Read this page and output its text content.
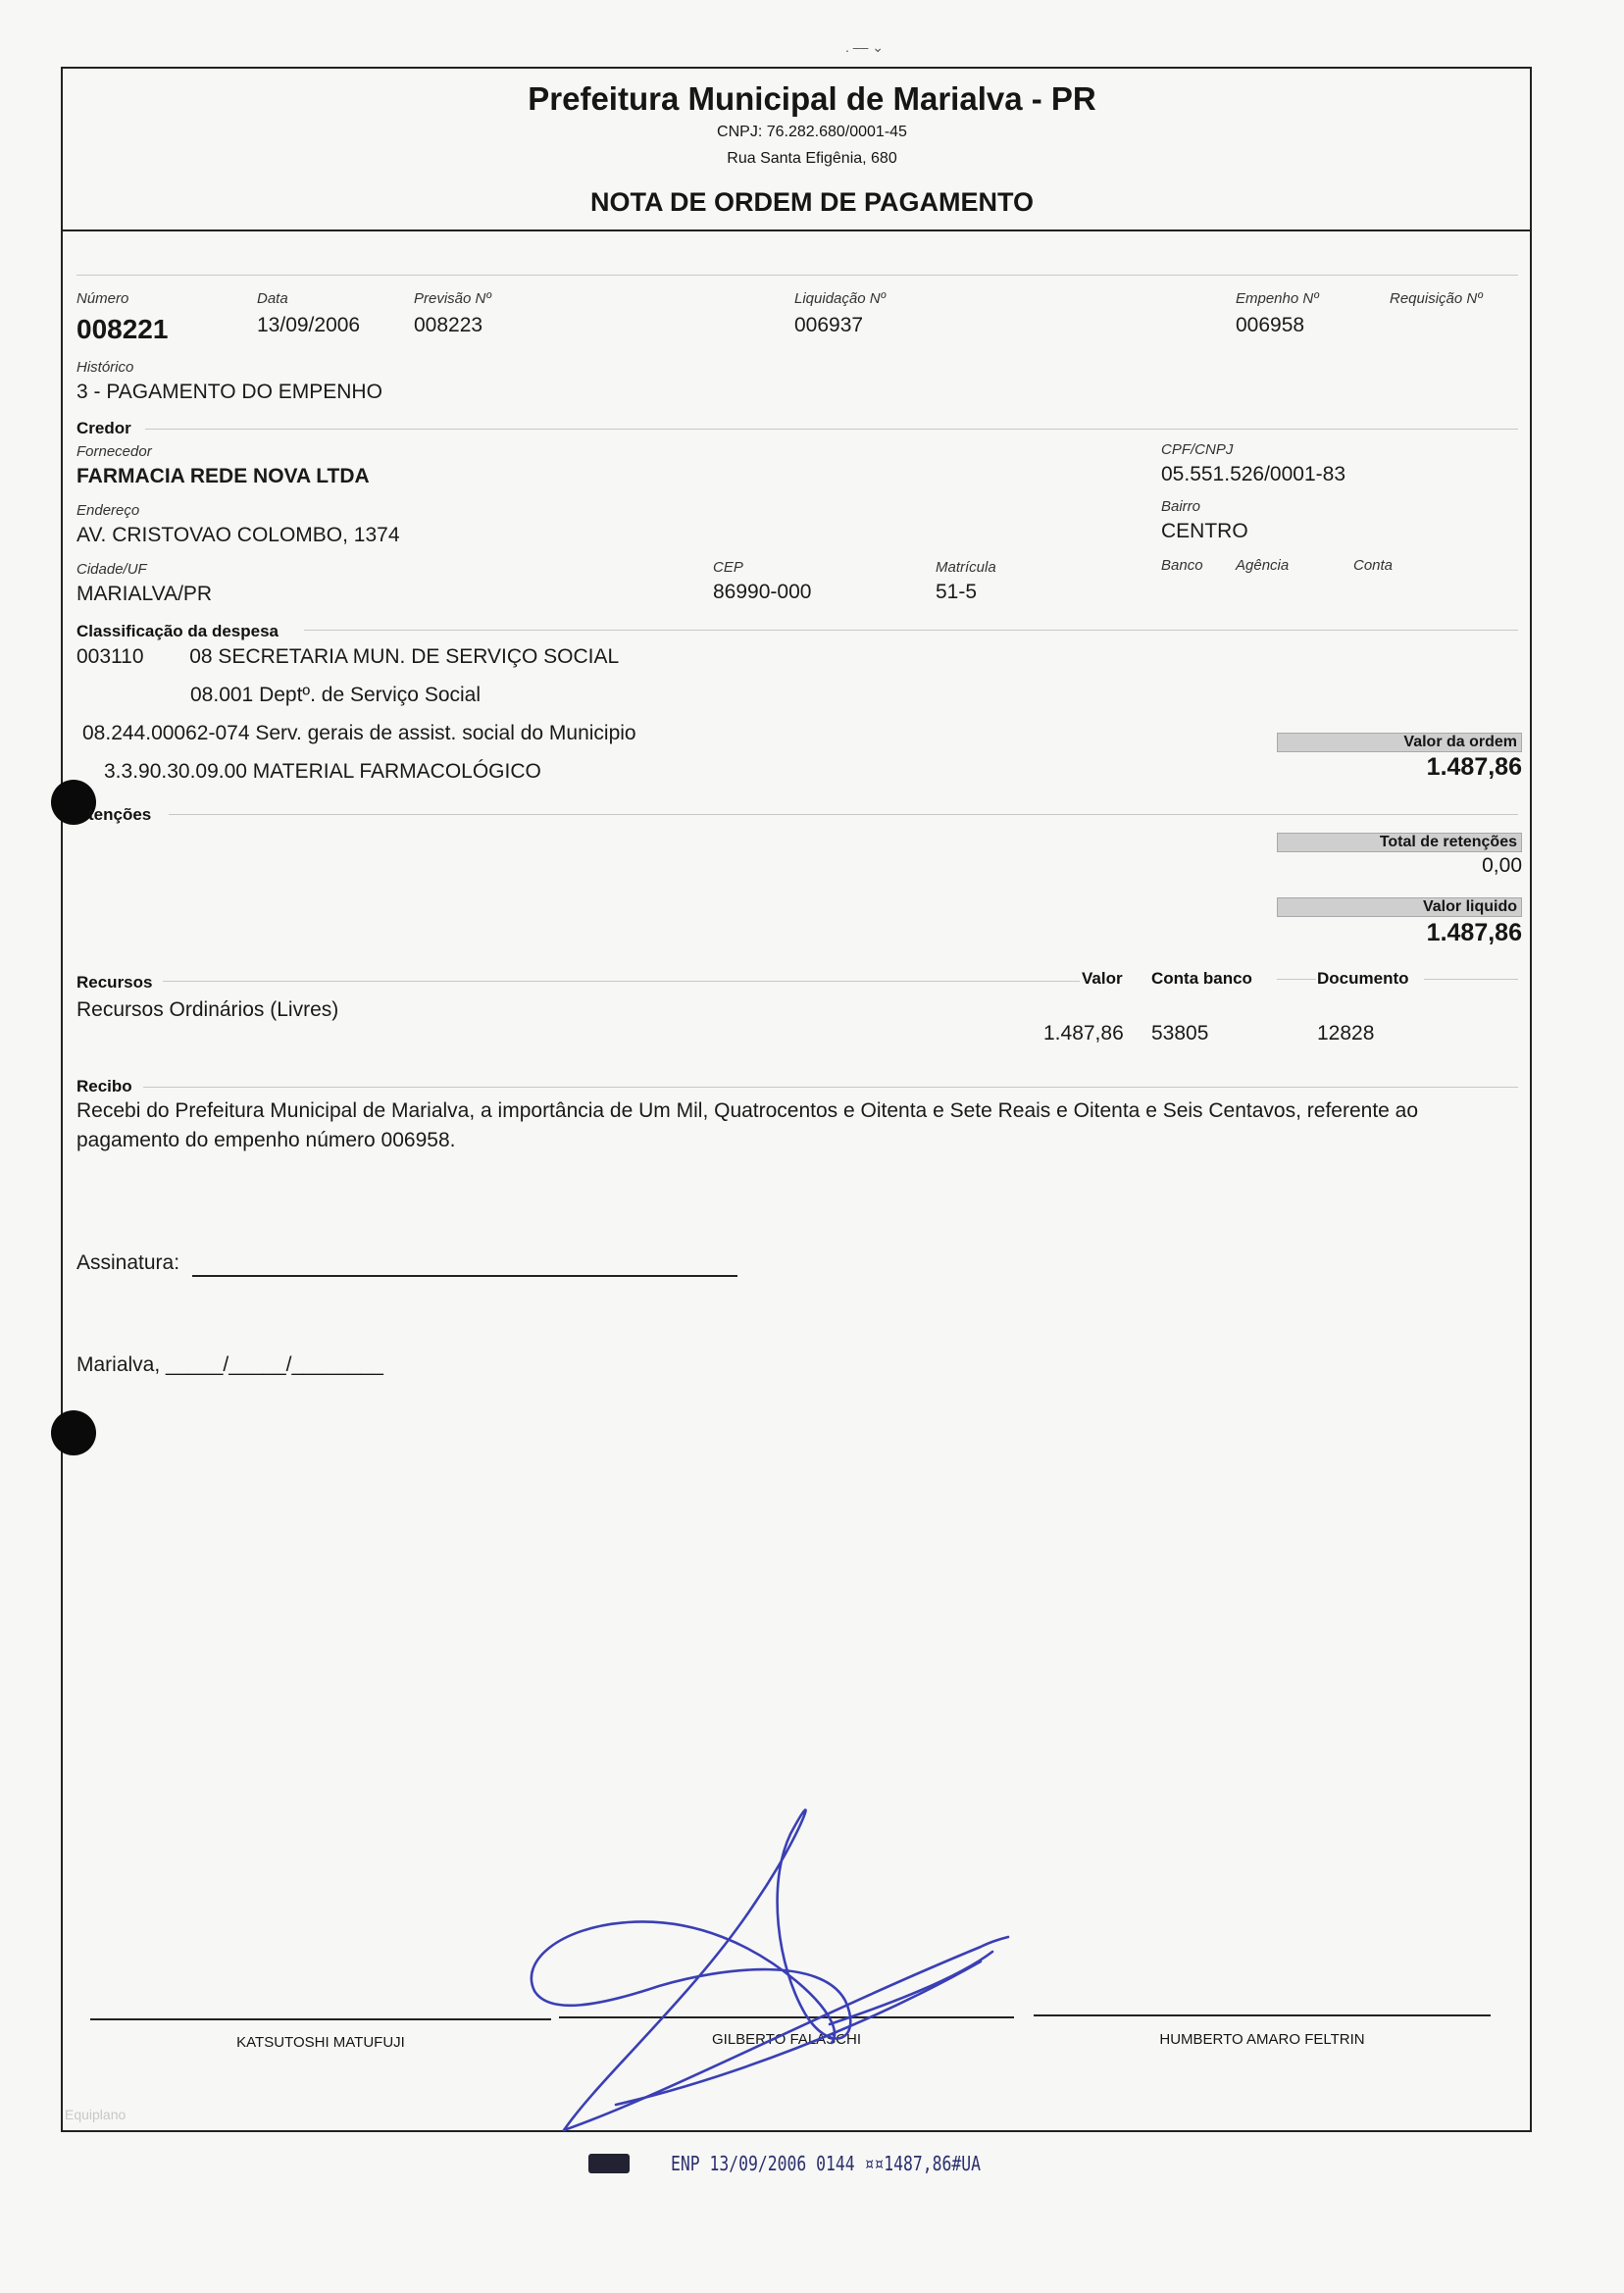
. –– ⌄
Prefeitura Municipal de Marialva - PR
CNPJ: 76.282.680/0001-45
Rua Santa Efigênia, 680
NOTA DE ORDEM DE PAGAMENTO
Número
008221
Data
13/09/2006
Previsão Nº
008223
Liquidação Nº
006937
Empenho Nº
006958
Requisição Nº
Histórico
3 - PAGAMENTO DO EMPENHO
Credor
Fornecedor
FARMACIA REDE NOVA LTDA
CPF/CNPJ
05.551.526/0001-83
Endereço
AV. CRISTOVAO COLOMBO, 1374
Bairro
CENTRO
Cidade/UF
MARIALVA/PR
CEP
86990-000
Matrícula
51-5
Banco Agência	Conta
Classificação da despesa
003110        08 SECRETARIA MUN. DE SERVIÇO SOCIAL
08.001 Deptº. de Serviço Social
08.244.00062-074 Serv. gerais de assist. social do Municipio
3.3.90.30.09.00 MATERIAL FARMACOLÓGICO
Valor da ordem
1.487,86
tenções
Total de retenções
0,00
Valor liquido
1.487,86
Recursos	Valor Conta banco	Documento
Recursos Ordinários (Livres)
1.487,86 53805	12828
Recibo
Recebi do Prefeitura Municipal de Marialva, a importância de Um Mil, Quatrocentos e Oitenta e Sete Reais e Oitenta e Seis Centavos, referente ao
pagamento do empenho número 006958.
Assinatura:
Marialva, _____/_____/________
KATSUTOSHI MATUFUJI	GILBERTO FALASCHI	HUMBERTO AMARO FELTRIN
Equiplano
ENP 13/09/2006 0144 ¤¤1487,86#UA
